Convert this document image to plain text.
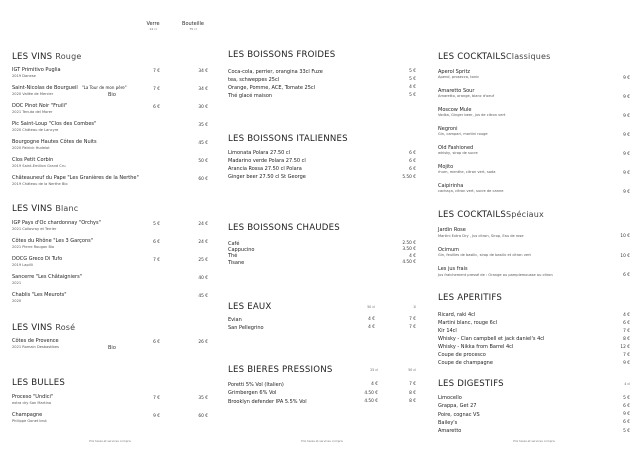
Verre
14 cl
Bouteille
75 cl
Prix taxes et services compris	Prix taxes et services compris	Prix taxes et services compris
LES VINS Rouge
IGT Primitivo Puglia
2019 Danese
7 €	34 €
Saint-Nicolas de Bourgueil "La Tour de mon père"
2020 Vallée de Mercier	Bio
7 €	34 €
DOC Pinot Noir "Fruili"
2021 Tenuta del Morer
6 €	30 €
Pic Saint-Loup "Clos des Combes"
2020 Château de Lancyre
35 €
Bourgogne Hautes Côtes de Nuits
2020 Patrick Hudelot
45 €
Clos Petit Corbin
2019 Saint-Emilion Grand Cru
50 €
Châteauneuf du Pape "Les Granières de la Nerthe"
2019 Château de la Nerthe Bio
60 €
LES VINS Blanc
IGP Pays d'Oc chardonnay "Orchys"
2021 Collovray et Terrier
5 €	24 €
Côtes du Rhône "Les 3 Garçons"
2021 Pierre Rougon Bio
6 €	24 €
DOCG Greco Di Tufo
2019 Lapilli
7 €	25 €
Sancerre "Les Châtaigniers"
2021
40 €
Chablis "Les Meurots"
2020
45 €
LES VINS Rosé
Côtes de Provence
2021 Romain Desbastibes	Bio
6 €	26 €
LES BULLES
Proceso "Undici"
extra dry San Martino
7 €	35 €
Champagne
Philippe Gonet brut
9 €	60 €
LES BOISSONS FROIDES
Coca-cola, perrier, orangina 33cl Fuze	5 €
tea, schweppes 25cl	5 €
Orange, Pomme, ACE, Tomate 25cl	4 €
Thé glacé maison	5 €
LES BOISSONS ITALIENNES
Limonata Polara 27.50 cl	6 €
Madarino verde Polara 27.50 cl	6 €
Arancia Rossa 27.50 cl Polara	6 €
Ginger beer 27.50 cl St George	5.50 €
LES BOISSONS CHAUDES
Café	2.50 €
Cappucino	3.50 €
Thé	4 €
Tisane	4.50 €
LES EAUX	50 cl	1l
Evian	4 €	7 €
San Pellegrino	4 €	7 €
LES BIERES PRESSIONS	25 cl	50 cl
Poretti 5% Vol (Italien)	4 €	7 €
Grimbergen 6% Vol	4.50 €	8 €
Brooklyn defender IPA 5.5% Vol	4.50 €	8 €
LES COCKTAILSClassiques
Aperol Spritz
Aperol, prosecco, tonic	9 €
Amaretto Sour
Amaretto, orange, blanc d'oeuf	9 €
Moscow Mule
Vodka, Ginger beer, jus de citron vert	9 €
Negroni
Gin, campari, martini rouge	9 €
Old Fashioned
whisky, sirop de sucre	9 €
Mojito
rhum, menthe, citron vert, soda	9 €
Caipirinha
cachaça, citron vert, sucre de canne	9 €
LES COCKTAILSSpéciaux
Jardin Rose
Martini Extra Dry , Jus citron, Sirop, Eau de rose	10 €
Ocimum
Gin, feuilles de basilic, sirop de basilic et citron vert	10 €
Les jus frais
Jus fraichement pressé de : Orange ou pamplemousse ou citron	6 €
LES APERITIFS
Ricard, raki 4cl	4 €
Martini blanc, rouge 6cl	6 €
Kir 14cl	7 €
Whisky - Clan campbell et jack daniel's 4cl	8 €
Whisky - Nikka from Barrel 4cl	12 €
Coupe de procesco	7 €
Coupe de champagne	9 €
LES DIGESTIFS	4 cl
Limocello	5 €
Grappa, Get 27	6 €
Poire, cognac VS	9 €
Bailey's	6 €
Amaretto	5 €
